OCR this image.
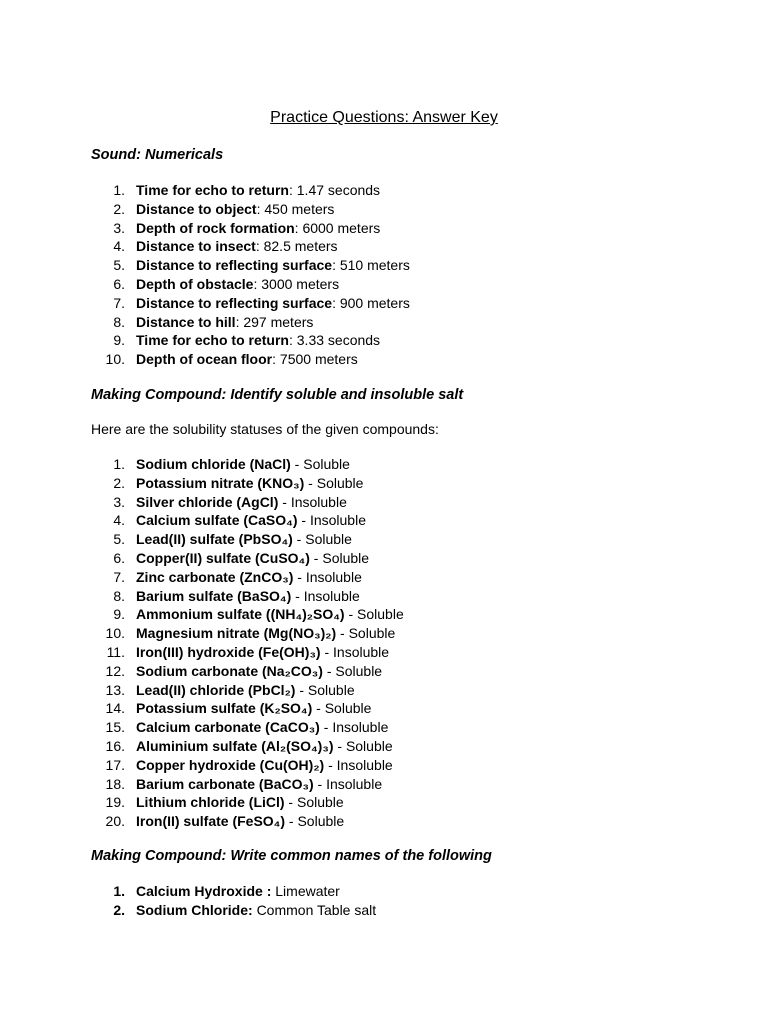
Practice Questions: Answer Key
Sound: Numericals
1. Time for echo to return: 1.47 seconds
2. Distance to object: 450 meters
3. Depth of rock formation: 6000 meters
4. Distance to insect: 82.5 meters
5. Distance to reflecting surface: 510 meters
6. Depth of obstacle: 3000 meters
7. Distance to reflecting surface: 900 meters
8. Distance to hill: 297 meters
9. Time for echo to return: 3.33 seconds
10. Depth of ocean floor: 7500 meters
Making Compound: Identify soluble and insoluble salt
Here are the solubility statuses of the given compounds:
1. Sodium chloride (NaCl) - Soluble
2. Potassium nitrate (KNO₃) - Soluble
3. Silver chloride (AgCl) - Insoluble
4. Calcium sulfate (CaSO₄) - Insoluble
5. Lead(II) sulfate (PbSO₄) - Soluble
6. Copper(II) sulfate (CuSO₄) - Soluble
7. Zinc carbonate (ZnCO₃) - Insoluble
8. Barium sulfate (BaSO₄) - Insoluble
9. Ammonium sulfate ((NH₄)₂SO₄) - Soluble
10. Magnesium nitrate (Mg(NO₃)₂) - Soluble
11. Iron(III) hydroxide (Fe(OH)₃) - Insoluble
12. Sodium carbonate (Na₂CO₃) - Soluble
13. Lead(II) chloride (PbCl₂) - Soluble
14. Potassium sulfate (K₂SO₄) - Soluble
15. Calcium carbonate (CaCO₃) - Insoluble
16. Aluminium sulfate (Al₂(SO₄)₃) - Soluble
17. Copper hydroxide (Cu(OH)₂) - Insoluble
18. Barium carbonate (BaCO₃) - Insoluble
19. Lithium chloride (LiCl) - Soluble
20. Iron(II) sulfate (FeSO₄) - Soluble
Making Compound: Write common names of the following
1. Calcium Hydroxide : Limewater
2. Sodium Chloride: Common Table salt
